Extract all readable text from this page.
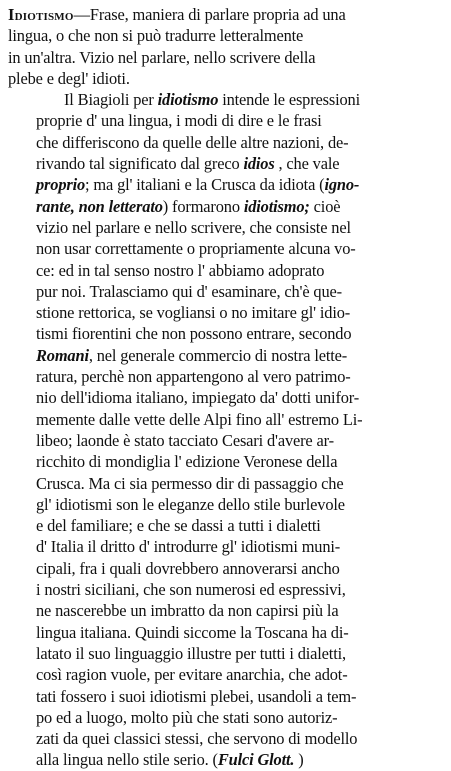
Idiotismo—Frase, maniera di parlare propria ad una
lingua, o che non si può tradurre letteralmente
in un'altra. Vizio nel parlare, nello scrivere della
plebe e degl' idioti.
Il Biagioli per idiotismo intende le espressioni
proprie d' una lingua, i modi di dire e le frasi
che differiscono da quelle delle altre nazioni, de-
rivando tal significato dal greco idios , che vale
proprio; ma gl' italiani e la Crusca da idiota (igno-
rante, non letterato) formarono idiotismo; cioè
vizio nel parlare e nello scrivere, che consiste nel
non usar correttamente o propriamente alcuna vo-
ce: ed in tal senso nostro l' abbiamo adoprato
pur noi. Tralasciamo qui d' esaminare, ch'è que-
stione rettorica, se vogliansi o no imitare gl' idio-
tismi fiorentini che non possono entrare, secondo
Romani, nel generale commercio di nostra lette-
ratura, perchè non appartengono al vero patrimo-
nio dell'idioma italiano, impiegato da' dotti unifor-
memente dalle vette delle Alpi fino all' estremo Li-
libeo; laonde è stato tacciato Cesari d'avere ar-
ricchito di mondiglia l' edizione Veronese della
Crusca. Ma ci sia permesso dir di passaggio che
gl' idiotismi son le eleganze dello stile burlevole
e del familiare; e che se dassi a tutti i dialetti
d' Italia il dritto d' introdurre gl' idiotismi muni-
cipali, fra i quali dovrebbero annoverarsi ancho
i nostri siciliani, che son numerosi ed espressivi,
ne nascerebbe un imbratto da non capirsi più la
lingua italiana. Quindi siccome la Toscana ha di-
latato il suo linguaggio illustre per tutti i dialetti,
così ragion vuole, per evitare anarchia, che adot-
tati fossero i suoi idiotismi plebei, usandoli a tem-
po ed a luogo, molto più che stati sono autoriz-
zati da quei classici stessi, che servono di modello
alla lingua nello stile serio. (Fulci Glott. )
